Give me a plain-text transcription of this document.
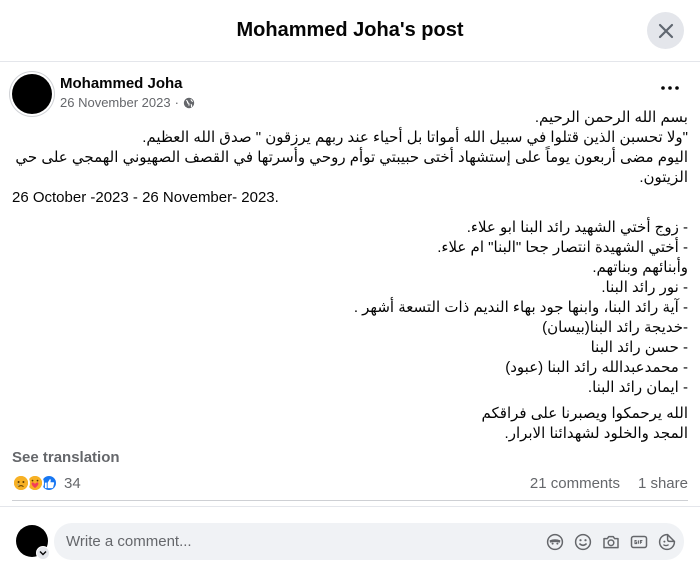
Mohammed Joha's post
Mohammed Joha
26 November 2023 ·
بسم الله الرحمن الرحيم.
"ولا تحسبن الذين قتلوا في سبيل الله أمواتا بل أحياء عند ربهم يرزقون " صدق الله العظيم.
اليوم مضى أربعون يوماً على إستشهاد أختى حبيبتي توأم روحي وأسرتها في القصف الصهيوني الهمجي على حي الزيتون.
26 October -2023 - 26 November- 2023.
- زوج أختي الشهيد رائد البنا ابو علاء.
- أختي الشهيدة انتصار جحا "البنا" ام علاء.
وأبنائهم وبناتهم.
- نور رائد البنا.
- آية رائد البنا، وابنها جود بهاء النديم ذات التسعة أشهر .
-خديجة رائد البنا(بيسان)
- حسن رائد البنا
- محمدعبدالله رائد البنا (عبود)
- ايمان رائد البنا.
الله يرحمكوا ويصبرنا على فراقكم
المجد والخلود لشهدائنا الابرار.
See translation
34	21 comments 1 share
Write a comment...
